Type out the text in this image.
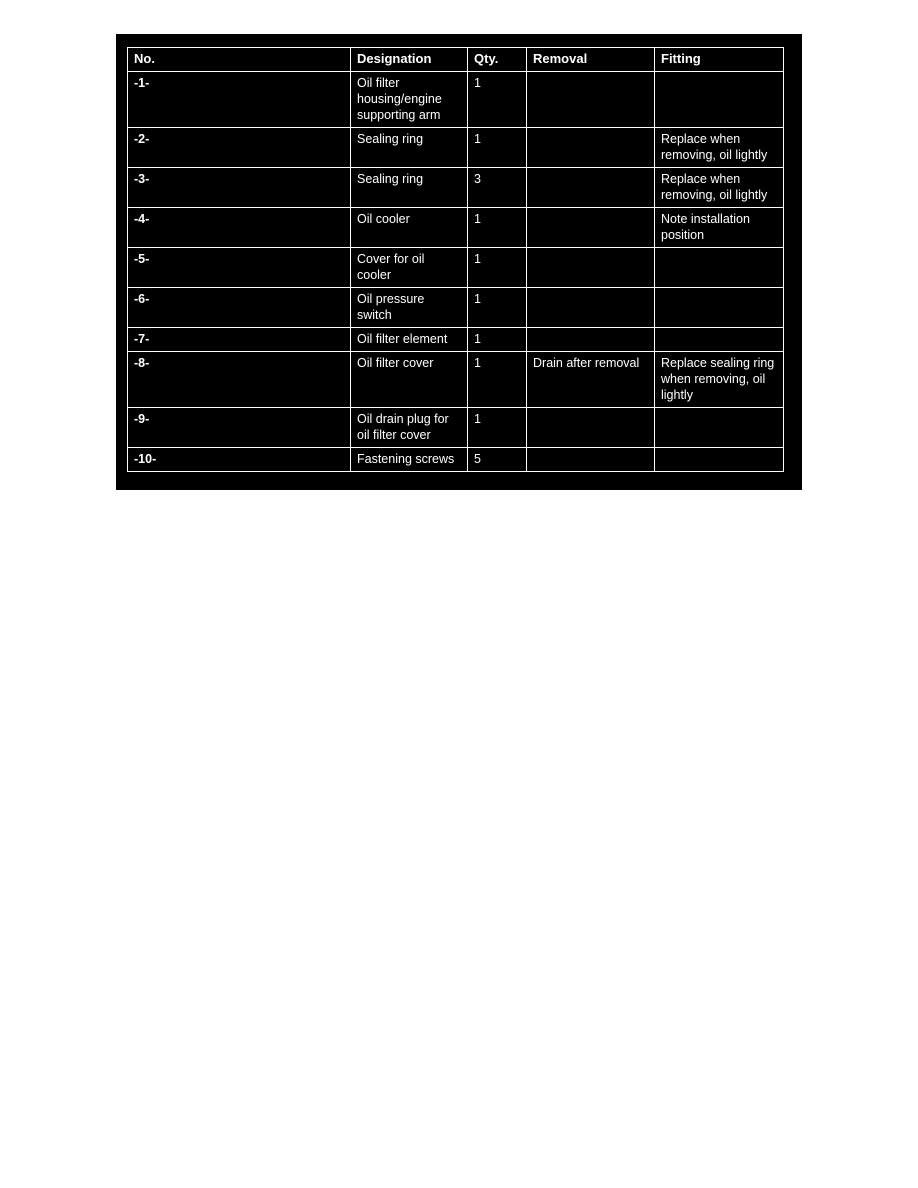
No.	Designation	Qty.	Removal	Fitting
-1-	Oil filter housing/engine supporting arm	1		
-2-	Sealing ring	1		Replace when removing, oil lightly
-3-	Sealing ring	3		Replace when removing, oil lightly
-4-	Oil cooler	1		Note installation position
-5-	Cover for oil cooler	1		
-6-	Oil pressure switch	1		
-7-	Oil filter element	1		
-8-	Oil filter cover	1	Drain after removal	Replace sealing ring when removing, oil lightly
-9-	Oil drain plug for oil filter cover	1		
-10-	Fastening screws	5		
